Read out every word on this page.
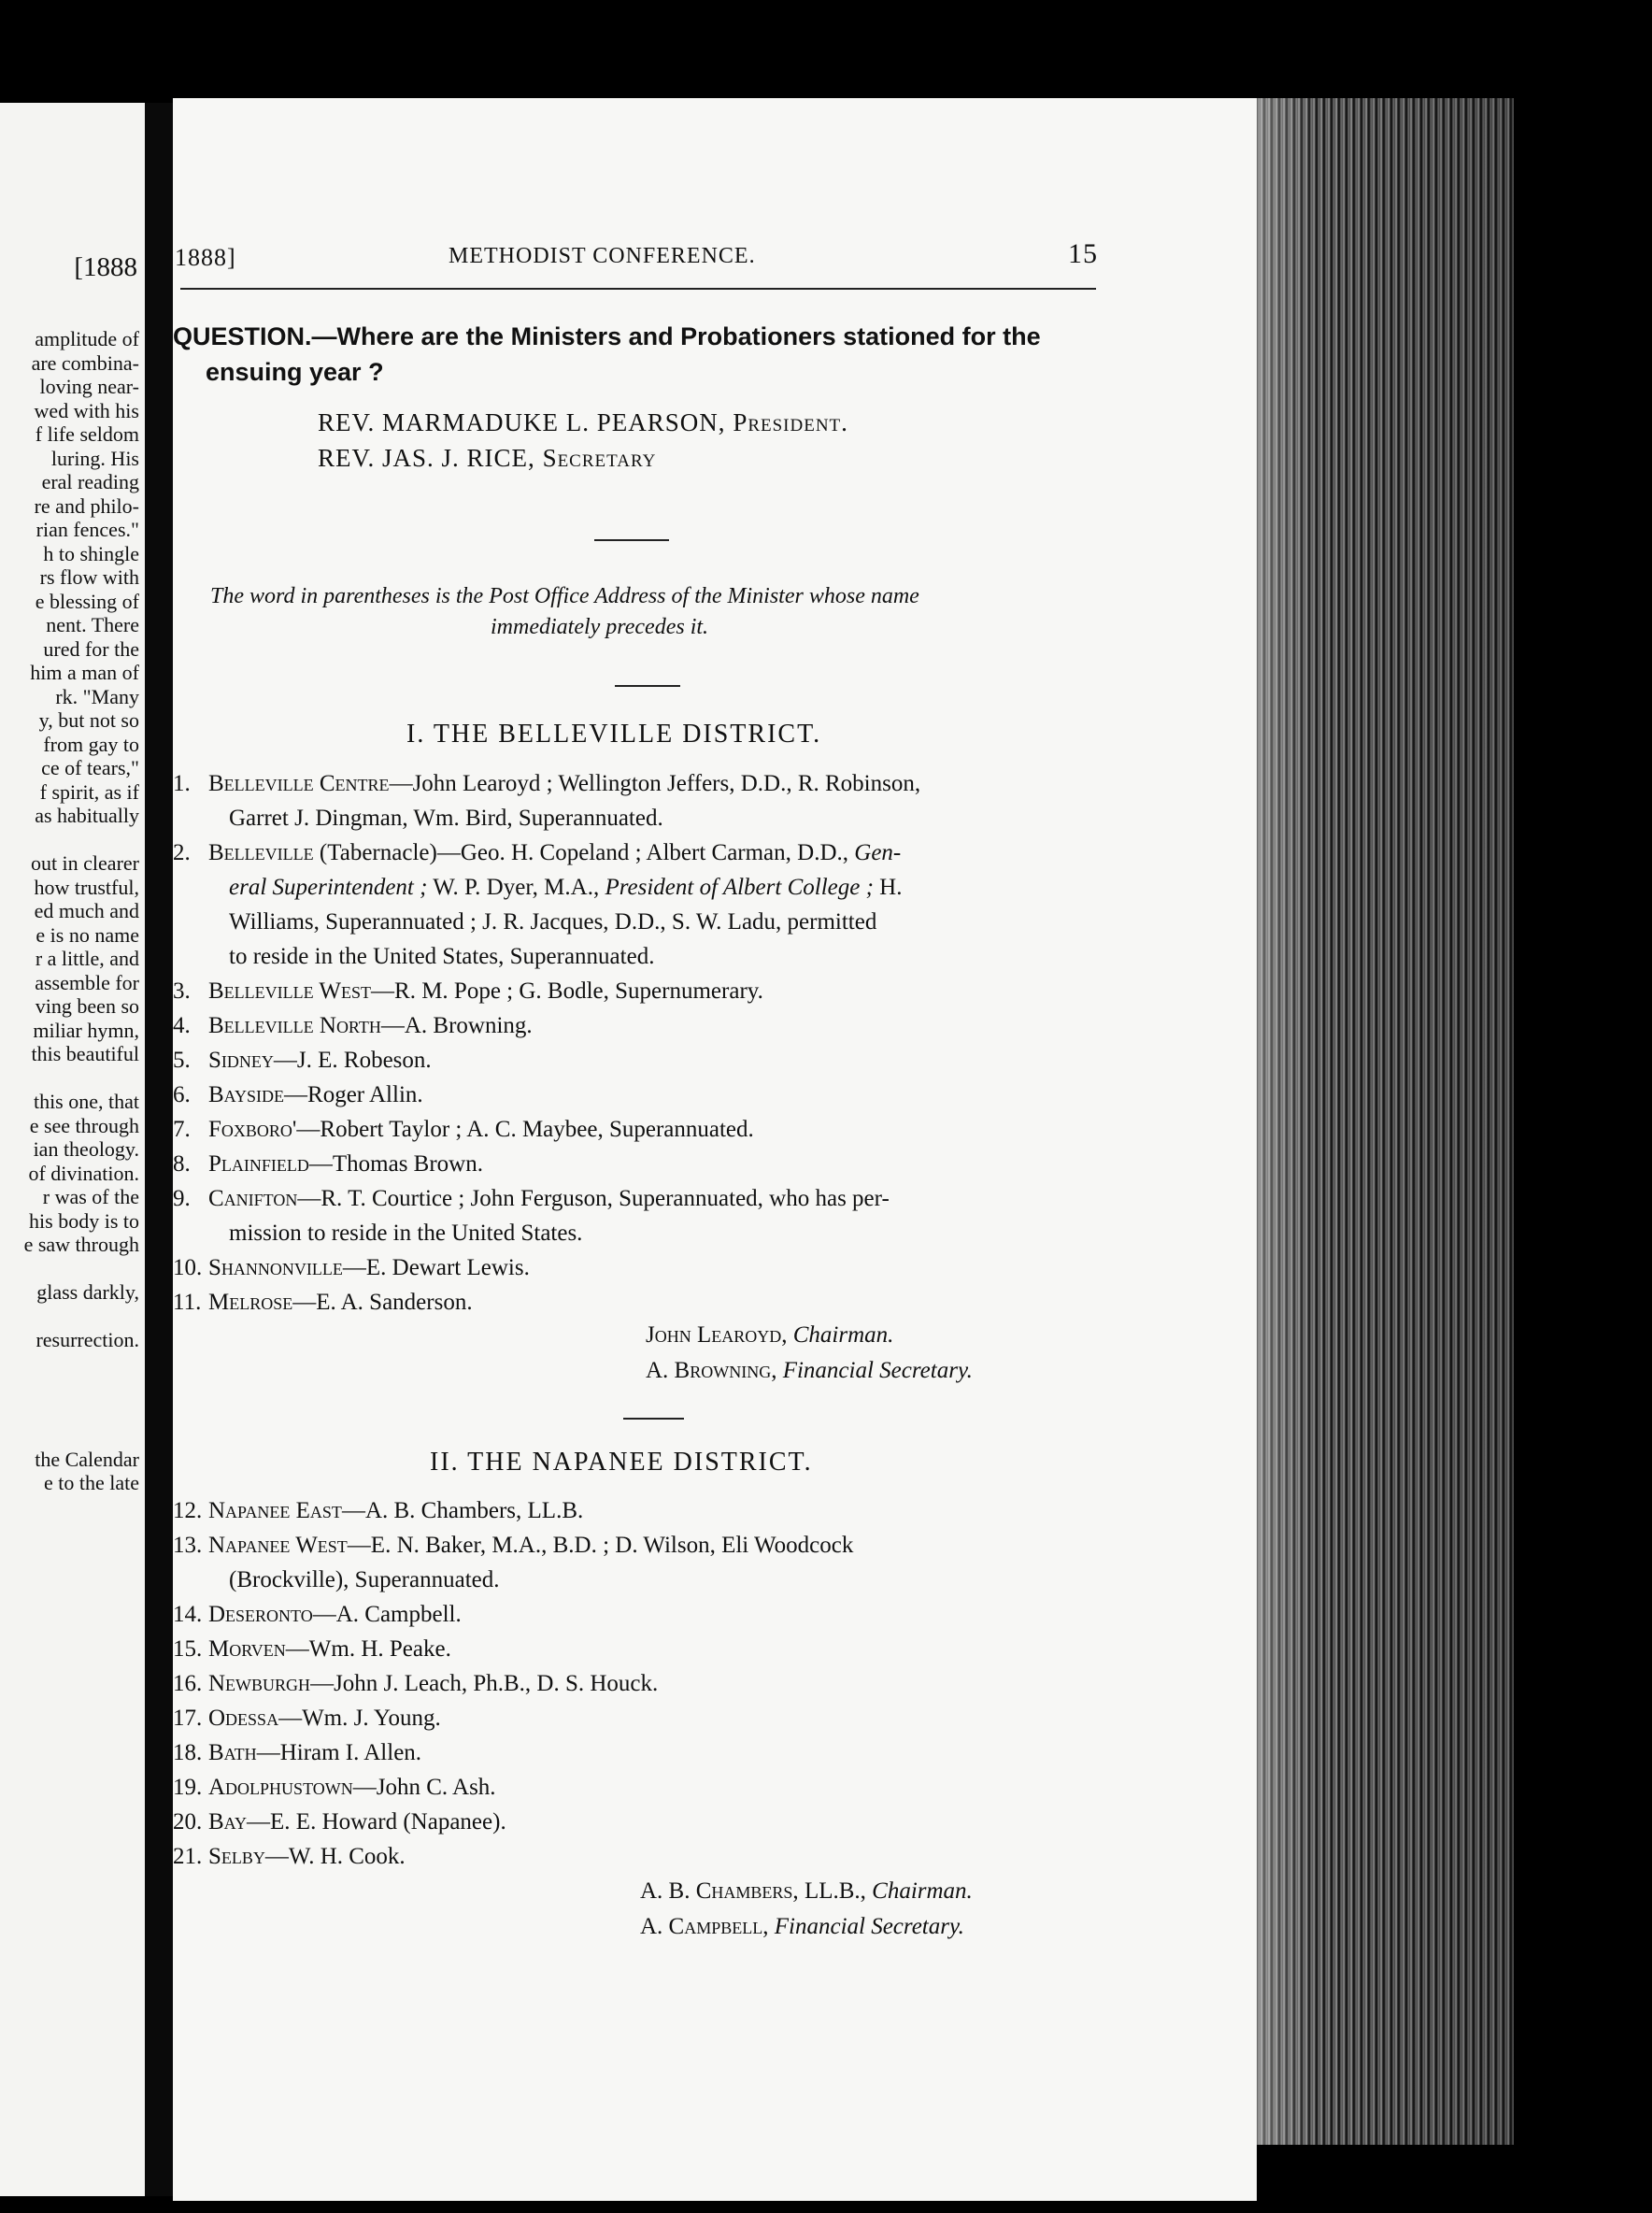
[1888
amplitude of
are combina-
loving near-
wed with his
f life seldom
luring. His
eral reading
re and philo-
rian fences."
h to shingle
rs flow with
e blessing of
nent. There
ured for the
him a man of
rk. "Many
y, but not so
from gay to
ce of tears,"
f spirit, as if
as habitually
out in clearer
how trustful,
ed much and
e is no name
r a little, and
assemble for
ving been so
miliar hymn,
this beautiful
this one, that
e see through
ian theology.
of divination.
r was of the
his body is to
e saw through
glass darkly,
resurrection.
the Calendar
e to the late
1888]	METHODIST CONFERENCE.	15
QUESTION.—Where are the Ministers and Probationers stationed for the
ensuing year ?
REV. MARMADUKE L. PEARSON, President.
REV. JAS. J. RICE, Secretary
The word in parentheses is the Post Office Address of the Minister whose name
immediately precedes it.
I. THE BELLEVILLE DISTRICT.
1. Belleville Centre—John Learoyd ; Wellington Jeffers, D.D., R. Robinson,
Garret J. Dingman, Wm. Bird, Superannuated.
2. Belleville (Tabernacle)—Geo. H. Copeland ; Albert Carman, D.D., Gen-
eral Superintendent ; W. P. Dyer, M.A., President of Albert College ; H.
Williams, Superannuated ; J. R. Jacques, D.D., S. W. Ladu, permitted
to reside in the United States, Superannuated.
3. Belleville West—R. M. Pope ; G. Bodle, Supernumerary.
4. Belleville North—A. Browning.
5. Sidney—J. E. Robeson.
6. Bayside—Roger Allin.
7. Foxboro'—Robert Taylor ; A. C. Maybee, Superannuated.
8. Plainfield—Thomas Brown.
9. Canifton—R. T. Courtice ; John Ferguson, Superannuated, who has per-
mission to reside in the United States.
10. Shannonville—E. Dewart Lewis.
11. Melrose—E. A. Sanderson.
John Learoyd, Chairman.
A. Browning, Financial Secretary.
II. THE NAPANEE DISTRICT.
12. Napanee East—A. B. Chambers, LL.B.
13. Napanee West—E. N. Baker, M.A., B.D. ; D. Wilson, Eli Woodcock
(Brockville), Superannuated.
14. Deseronto—A. Campbell.
15. Morven—Wm. H. Peake.
16. Newburgh—John J. Leach, Ph.B., D. S. Houck.
17. Odessa—Wm. J. Young.
18. Bath—Hiram I. Allen.
19. Adolphustown—John C. Ash.
20. Bay—E. E. Howard (Napanee).
21. Selby—W. H. Cook.
A. B. Chambers, LL.B., Chairman.
A. Campbell, Financial Secretary.
